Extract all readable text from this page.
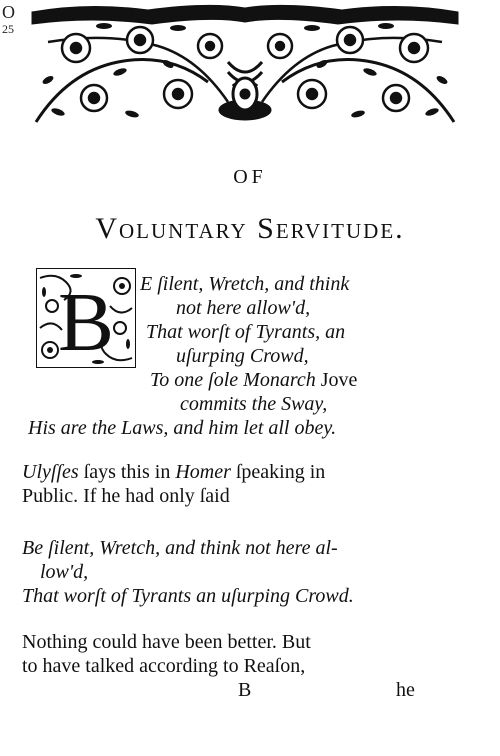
O
25
OF
Voluntary Servitude.
B E ſilent, Wretch, and think
not here allow'd,
That worſt of Tyrants, an
uſurping Crowd,
To one ſole Monarch Jove
commits the Sway,
His are the Laws, and him let all obey.
Ulyſſes ſays this in Homer ſpeaking in
Public. If he had only ſaid
Be ſilent, Wretch, and think not here al-
low'd,
That worſt of Tyrants an uſurping Crowd.
Nothing could have been better. But
to have talked according to Reaſon,
B	he
